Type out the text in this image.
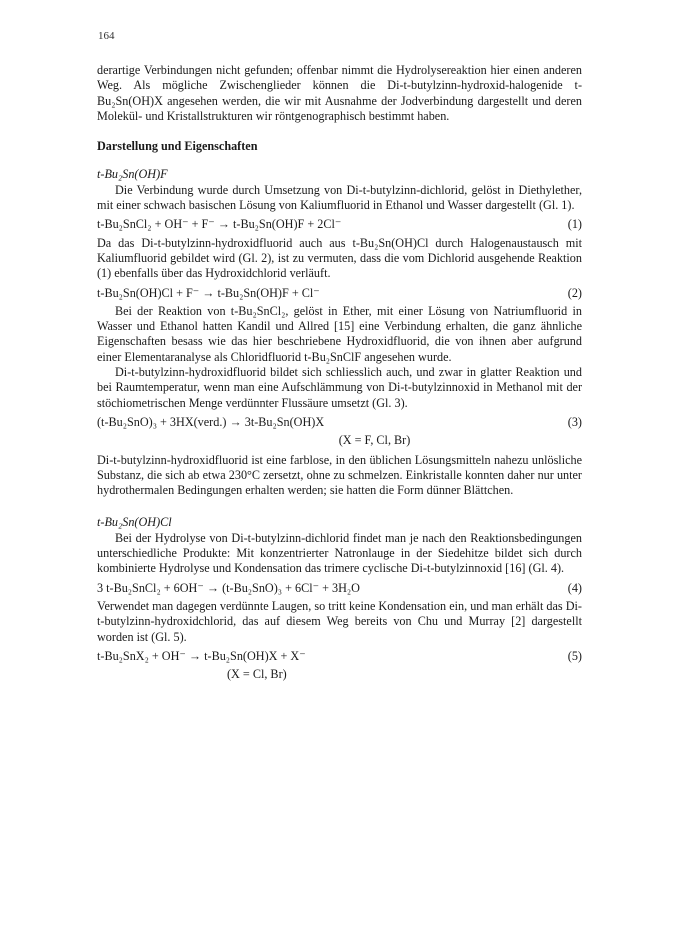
164

derartige Verbindungen nicht gefunden; offenbar nimmt die Hydrolysereaktion hier einen anderen Weg. Als mögliche Zwischenglieder können die Di-t-butylzinn-hydroxid-halogenide t-Bu₂Sn(OH)X angesehen werden, die wir mit Ausnahme der Jodverbindung dargestellt und deren Molekül- und Kristallstrukturen wir röntgenographisch bestimmt haben.

Darstellung und Eigenschaften

t-Bu₂Sn(OH)F

Die Verbindung wurde durch Umsetzung von Di-t-butylzinn-dichlorid, gelöst in Diethylether, mit einer schwach basischen Lösung von Kaliumfluorid in Ethanol und Wasser dargestellt (Gl. 1).

t-Bu₂SnCl₂ + OH⁻ + F⁻ → t-Bu₂Sn(OH)F + 2Cl⁻	(1)

Da das Di-t-butylzinn-hydroxidfluorid auch aus t-Bu₂Sn(OH)Cl durch Halogenaustausch mit Kaliumfluorid gebildet wird (Gl. 2), ist zu vermuten, dass die vom Dichlorid ausgehende Reaktion (1) ebenfalls über das Hydroxidchlorid verläuft.

t-Bu₂Sn(OH)Cl + F⁻ → t-Bu₂Sn(OH)F + Cl⁻	(2)

Bei der Reaktion von t-Bu₂SnCl₂, gelöst in Ether, mit einer Lösung von Natriumfluorid in Wasser und Ethanol hatten Kandil und Allred [15] eine Verbindung erhalten, die ganz ähnliche Eigenschaften besass wie das hier beschriebene Hydroxidfluorid, die von ihnen aber aufgrund einer Elementaranalyse als Chloridfluorid t-Bu₂SnClF angesehen wurde.

Di-t-butylzinn-hydroxidfluorid bildet sich schliesslich auch, und zwar in glatter Reaktion und bei Raumtemperatur, wenn man eine Aufschlämmung von Di-t-butylzinnoxid in Methanol mit der stöchiometrischen Menge verdünnter Flussäure umsetzt (Gl. 3).

(t-Bu₂SnO)₃ + 3HX(verd.) → 3t-Bu₂Sn(OH)X	(3)
(X = F, Cl, Br)

Di-t-butylzinn-hydroxidfluorid ist eine farblose, in den üblichen Lösungsmitteln nahezu unlösliche Substanz, die sich ab etwa 230°C zersetzt, ohne zu schmelzen. Einkristalle konnten daher nur unter hydrothermalen Bedingungen erhalten werden; sie hatten die Form dünner Blättchen.

t-Bu₂Sn(OH)Cl

Bei der Hydrolyse von Di-t-butylzinn-dichlorid findet man je nach den Reaktionsbedingungen unterschiedliche Produkte: Mit konzentrierter Natronlauge in der Siedehitze bildet sich durch kombinierte Hydrolyse und Kondensation das trimere cyclische Di-t-butylzinnoxid [16] (Gl. 4).

3 t-Bu₂SnCl₂ + 6OH⁻ → (t-Bu₂SnO)₃ + 6Cl⁻ + 3H₂O	(4)

Verwendet man dagegen verdünnte Laugen, so tritt keine Kondensation ein, und man erhält das Di-t-butylzinn-hydroxidchlorid, das auf diesem Weg bereits von Chu und Murray [2] dargestellt worden ist (Gl. 5).

t-Bu₂SnX₂ + OH⁻ → t-Bu₂Sn(OH)X + X⁻	(5)
(X = Cl, Br)
